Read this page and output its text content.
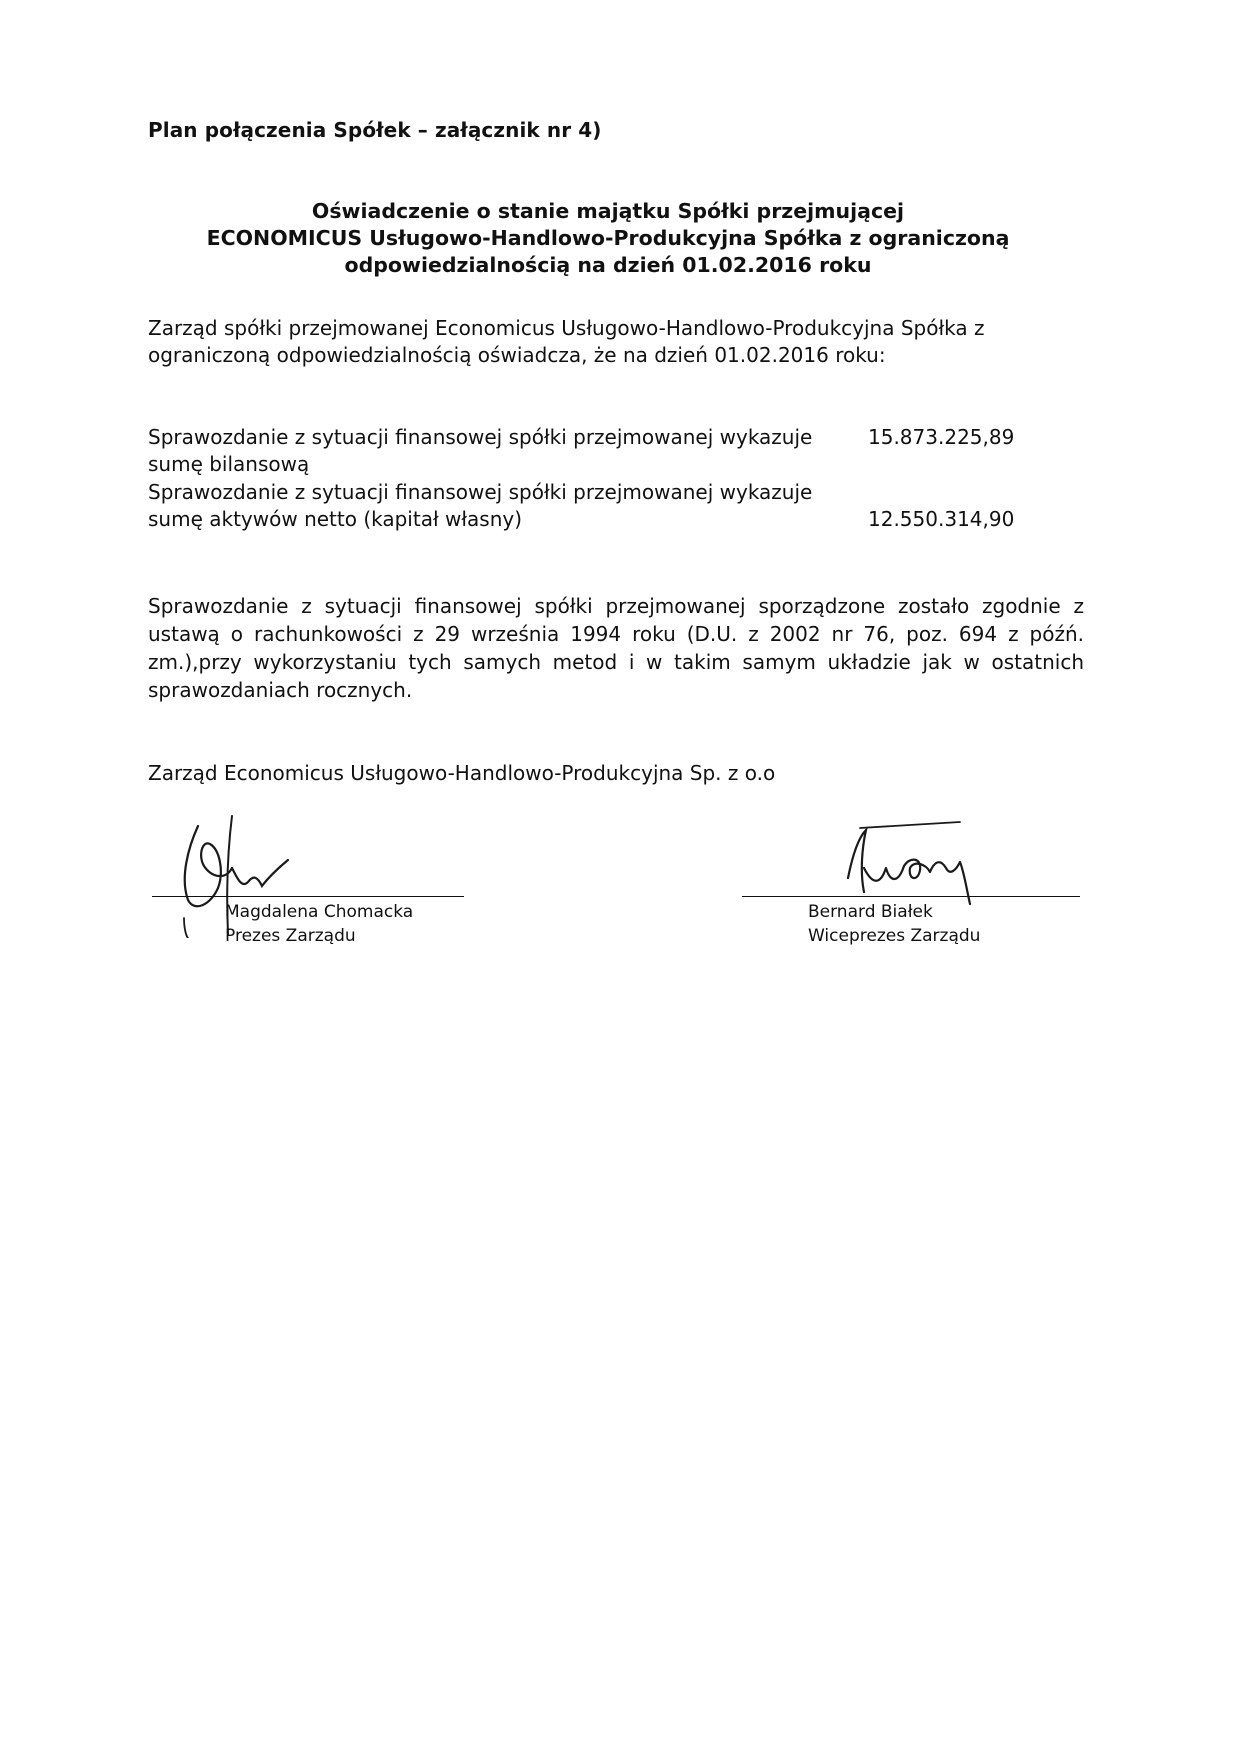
Plan połączenia Spółek – załącznik nr 4)
Oświadczenie o stanie majątku Spółki przejmującej
ECONOMICUS Usługowo-Handlowo-Produkcyjna Spółka z ograniczoną
odpowiedzialnością na dzień 01.02.2016 roku
Zarząd spółki przejmowanej Economicus Usługowo-Handlowo-Produkcyjna Spółka z
ograniczoną odpowiedzialnością oświadcza, że na dzień 01.02.2016 roku:
Sprawozdanie z sytuacji finansowej spółki przejmowanej wykazuje
sumę bilansową
15.873.225,89
Sprawozdanie z sytuacji finansowej spółki przejmowanej wykazuje
sumę aktywów netto (kapitał własny)	12.550.314,90
Sprawozdanie z sytuacji finansowej spółki przejmowanej sporządzone zostało zgodnie z ustawą o rachunkowości z 29 września 1994 roku (D.U. z 2002 nr 76, poz. 694 z późń. zm.),przy wykorzystaniu tych samych metod i w takim samym układzie jak w ostatnich sprawozdaniach rocznych.
Zarząd Economicus Usługowo-Handlowo-Produkcyjna Sp. z o.o
Magdalena Chomacka
Prezes Zarządu
Bernard Białek
Wiceprezes Zarządu
